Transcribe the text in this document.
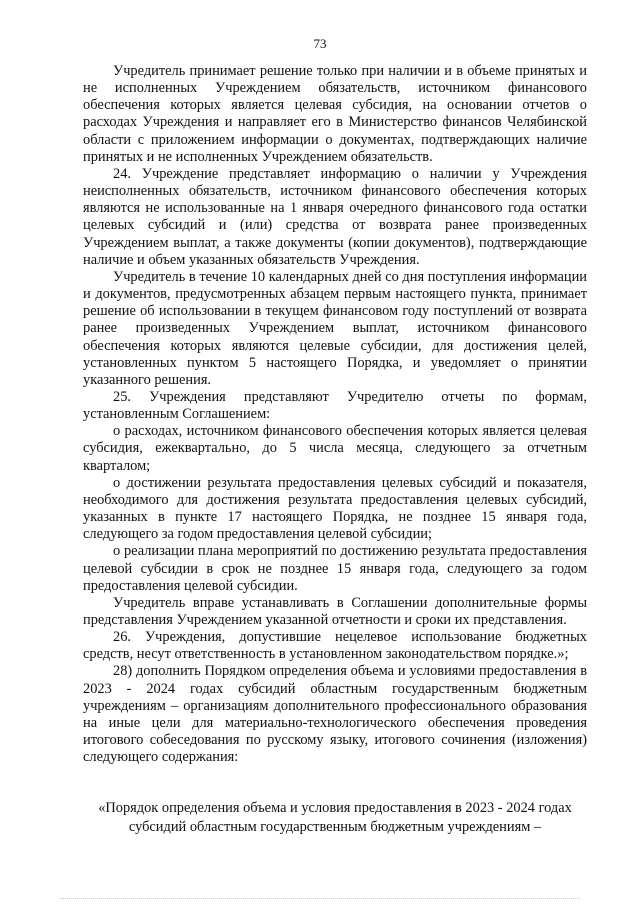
73

Учредитель принимает решение только при наличии и в объеме принятых и не исполненных Учреждением обязательств, источником финансового обеспечения которых является целевая субсидия, на основании отчетов о расходах Учреждения и направляет его в Министерство финансов Челябинской области с приложением информации о документах, подтверждающих наличие принятых и не исполненных Учреждением обязательств.

24. Учреждение представляет информацию о наличии у Учреждения неисполненных обязательств, источником финансового обеспечения которых являются не использованные на 1 января очередного финансового года остатки целевых субсидий и (или) средства от возврата ранее произведенных Учреждением выплат, а также документы (копии документов), подтверждающие наличие и объем указанных обязательств Учреждения.

Учредитель в течение 10 календарных дней со дня поступления информации и документов, предусмотренных абзацем первым настоящего пункта, принимает решение об использовании в текущем финансовом году поступлений от возврата ранее произведенных Учреждением выплат, источником финансового обеспечения которых являются целевые субсидии, для достижения целей, установленных пунктом 5 настоящего Порядка, и уведомляет о принятии указанного решения.

25. Учреждения представляют Учредителю отчеты по формам, установленным Соглашением:

о расходах, источником финансового обеспечения которых является целевая субсидия, ежеквартально, до 5 числа месяца, следующего за отчетным кварталом;

о достижении результата предоставления целевых субсидий и показателя, необходимого для достижения результата предоставления целевых субсидий, указанных в пункте 17 настоящего Порядка, не позднее 15 января года, следующего за годом предоставления целевой субсидии;

о реализации плана мероприятий по достижению результата предоставления целевой субсидии в срок не позднее 15 января года, следующего за годом предоставления целевой субсидии.

Учредитель вправе устанавливать в Соглашении дополнительные формы представления Учреждением указанной отчетности и сроки их представления.

26. Учреждения, допустившие нецелевое использование бюджетных средств, несут ответственность в установленном законодательством порядке.»;

28) дополнить Порядком определения объема и условиями предоставления в 2023 - 2024 годах субсидий областным государственным бюджетным учреждениям – организациям дополнительного профессионального образования на иные цели для материально-технологического обеспечения проведения итогового собеседования по русскому языку, итогового сочинения (изложения) следующего содержания:

«Порядок определения объема и условия предоставления в 2023 - 2024 годах
субсидий областным государственным бюджетным учреждениям –
